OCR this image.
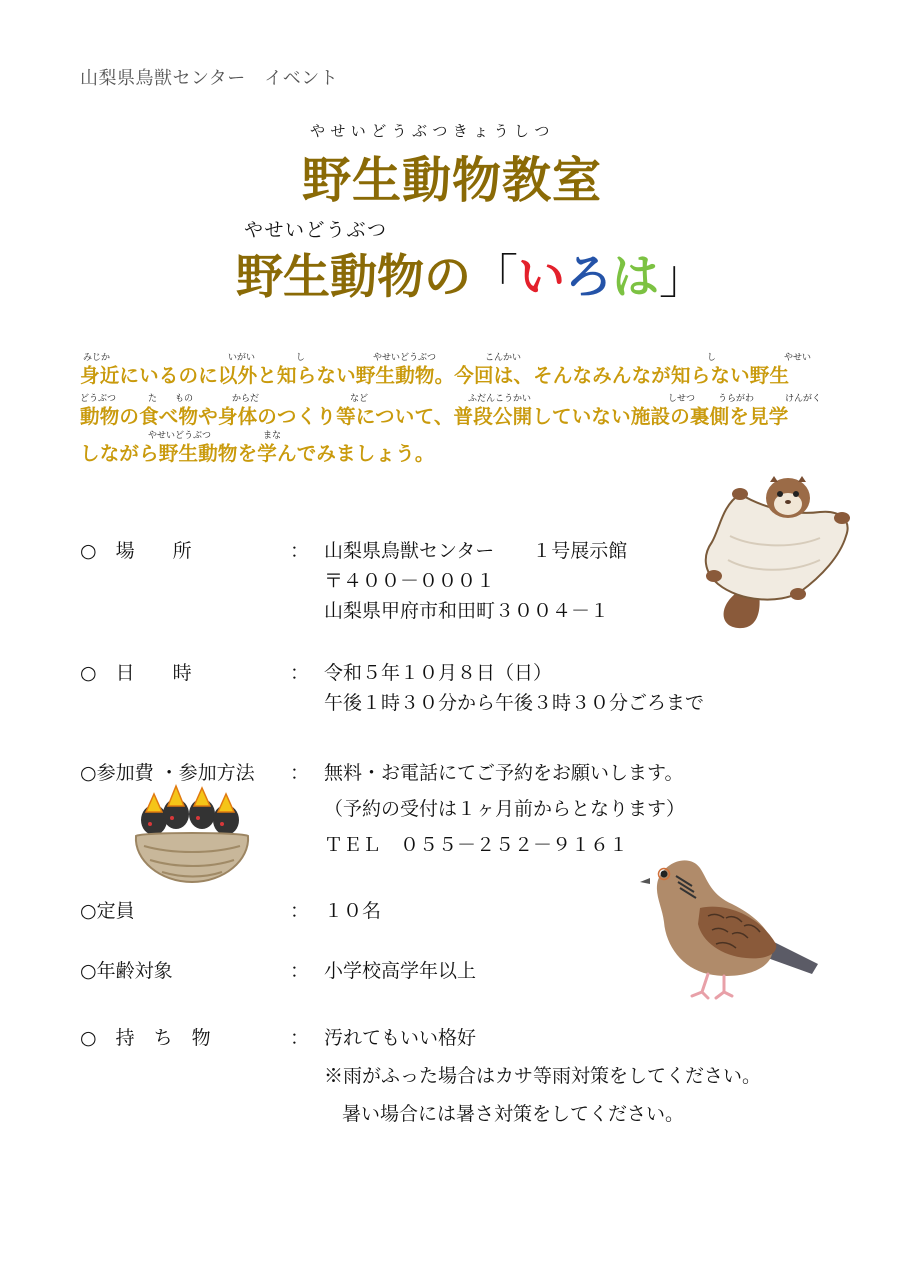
山梨県鳥獣センター　イベント
やせいどうぶつきょうしつ
野生動物教室
やせいどうぶつ
野生動物の「いろは」
みじか	いがい	し	やせいどうぶつ	こんかい	し	やせい
身近にいるのに以外と知らない野生動物。今回は、そんなみんなが知らない野生
どうぶつ	た もの	からだ	など	ふだんこうかい	しせつ	うらがわ	けんがく
動物の食べ物や身体のつくり等について、普段公開していない施設の裏側を見学
やせいどうぶつ	まな
しながら野生動物を学んでみましょう。
○　場　　所	： 山梨県鳥獣センター　　１号展示館
〒４００－０００１
山梨県甲府市和田町３００４－１
○　日　　時	： 令和５年１０月８日（日）
午後１時３０分から午後３時３０分ごろまで
○参加費 ・参加方法 ： 無料・お電話にてご予約をお願いします。
（予約の受付は１ヶ月前からとなります）
ＴＥＬ　０５５－２５２－９１６１
○定員	： １０名
○年齢対象	： 小学校高学年以上
○　持　ち　物	： 汚れてもいい格好
※雨がふった場合はカサ等雨対策をしてください。
暑い場合には暑さ対策をしてください。
